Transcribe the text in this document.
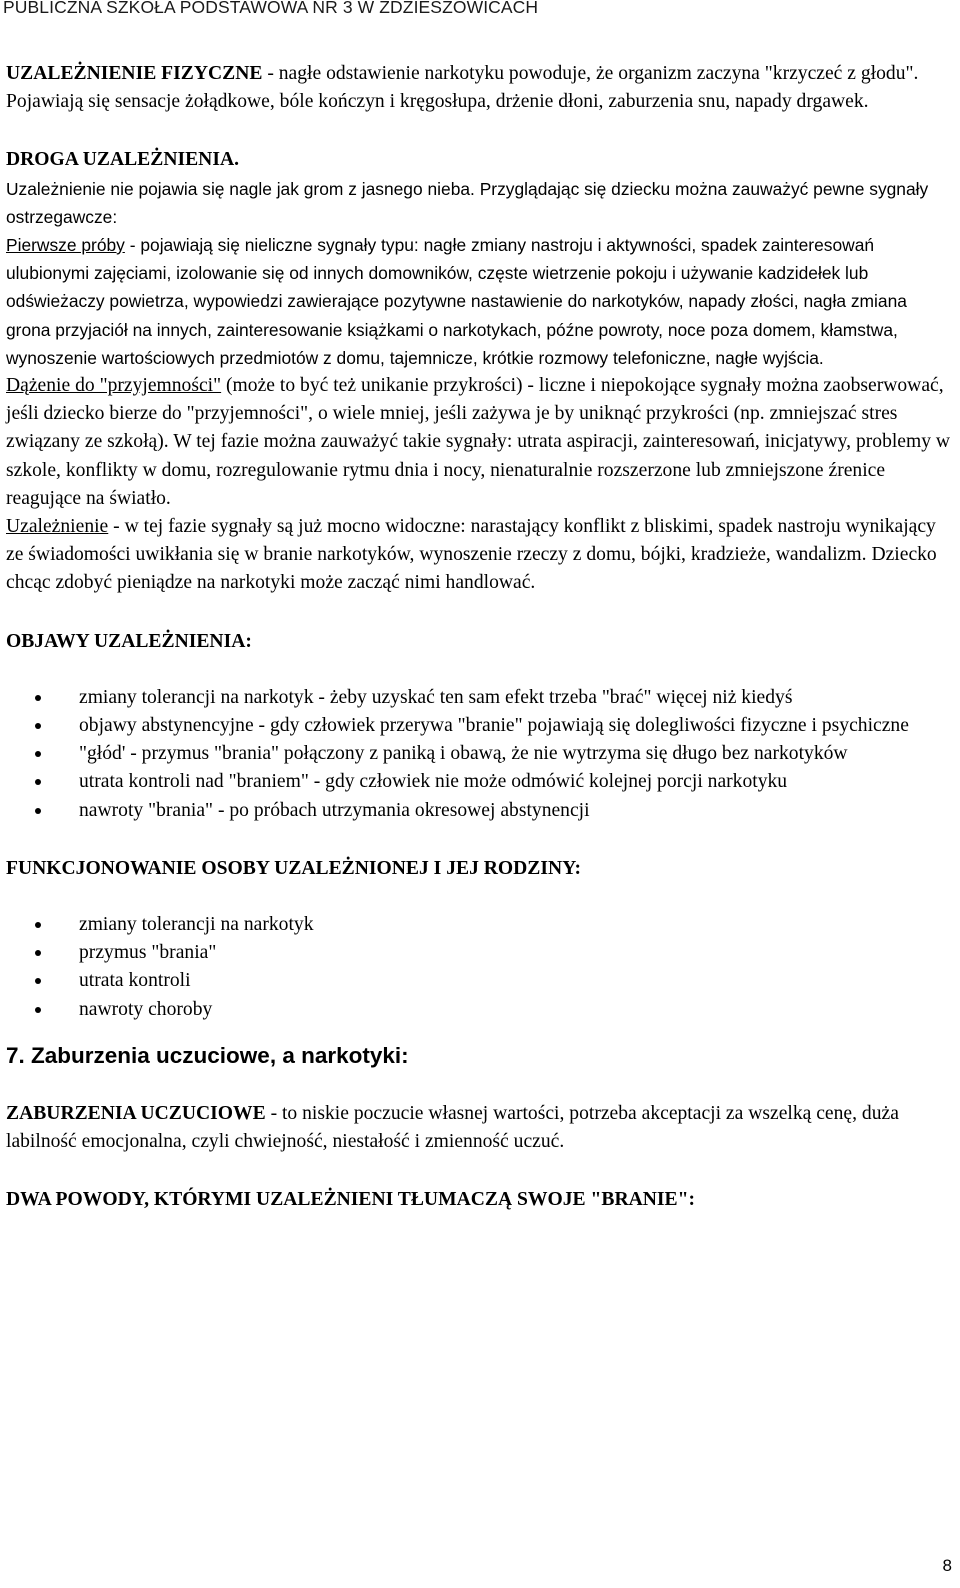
PUBLICZNA SZKOŁA PODSTAWOWA NR 3 W ZDZIESZOWICACH

UZALEŻNIENIE FIZYCZNE - nagłe odstawienie narkotyku powoduje, że organizm zaczyna "krzyczeć z głodu". Pojawiają się sensacje żołądkowe, bóle kończyn i kręgosłupa, drżenie dłoni, zaburzenia snu, napady drgawek.

DROGA UZALEŻNIENIA.

Uzależnienie nie pojawia się nagle jak grom z jasnego nieba. Przyglądając się dziecku można zauważyć pewne sygnały ostrzegawcze:

Pierwsze próby - pojawiają się nieliczne sygnały typu: nagłe zmiany nastroju i aktywności, spadek zainteresowań ulubionymi zajęciami, izolowanie się od innych domowników, częste wietrzenie pokoju i używanie kadzidełek lub odświeżaczy powietrza, wypowiedzi zawierające pozytywne nastawienie do narkotyków, napady złości, nagła zmiana grona przyjaciół na innych, zainteresowanie książkami o narkotykach, późne powroty, noce poza domem, kłamstwa, wynoszenie wartościowych przedmiotów z domu, tajemnicze, krótkie rozmowy telefoniczne, nagłe wyjścia.

Dążenie do "przyjemności" (może to być też unikanie przykrości) - liczne i niepokojące sygnały można zaobserwować, jeśli dziecko bierze do "przyjemności", o wiele mniej, jeśli zażywa je by uniknąć przykrości (np. zmniejszać stres związany ze szkołą). W tej fazie można zauważyć takie sygnały: utrata aspiracji, zainteresowań, inicjatywy, problemy w szkole, konflikty w domu, rozregulowanie rytmu dnia i nocy, nienaturalnie rozszerzone lub zmniejszone źrenice reagujące na światło.

Uzależnienie - w tej fazie sygnały są już mocno widoczne: narastający konflikt z bliskimi, spadek nastroju wynikający ze świadomości uwikłania się w branie narkotyków, wynoszenie rzeczy z domu, bójki, kradzieże, wandalizm. Dziecko chcąc zdobyć pieniądze na narkotyki może zacząć nimi handlować.

OBJAWY UZALEŻNIENIA:

zmiany tolerancji na narkotyk - żeby uzyskać ten sam efekt trzeba "brać" więcej niż kiedyś
objawy abstynencyjne - gdy człowiek przerywa "branie" pojawiają się dolegliwości fizyczne i psychiczne
"głód' - przymus "brania" połączony z paniką i obawą, że nie wytrzyma się długo bez narkotyków
utrata kontroli nad "braniem" - gdy człowiek nie może odmówić kolejnej porcji narkotyku
nawroty "brania" - po próbach utrzymania okresowej abstynencji

FUNKCJONOWANIE OSOBY UZALEŻNIONEJ I JEJ RODZINY:

zmiany tolerancji na narkotyk
przymus "brania"
utrata kontroli
nawroty choroby

7. Zaburzenia uczuciowe, a narkotyki:

ZABURZENIA UCZUCIOWE - to niskie poczucie własnej wartości, potrzeba akceptacji za wszelką cenę, duża labilność emocjonalna, czyli chwiejność, niestałość i zmienność uczuć.

DWA POWODY, KTÓRYMI UZALEŻNIENI TŁUMACZĄ SWOJE "BRANIE":

8
